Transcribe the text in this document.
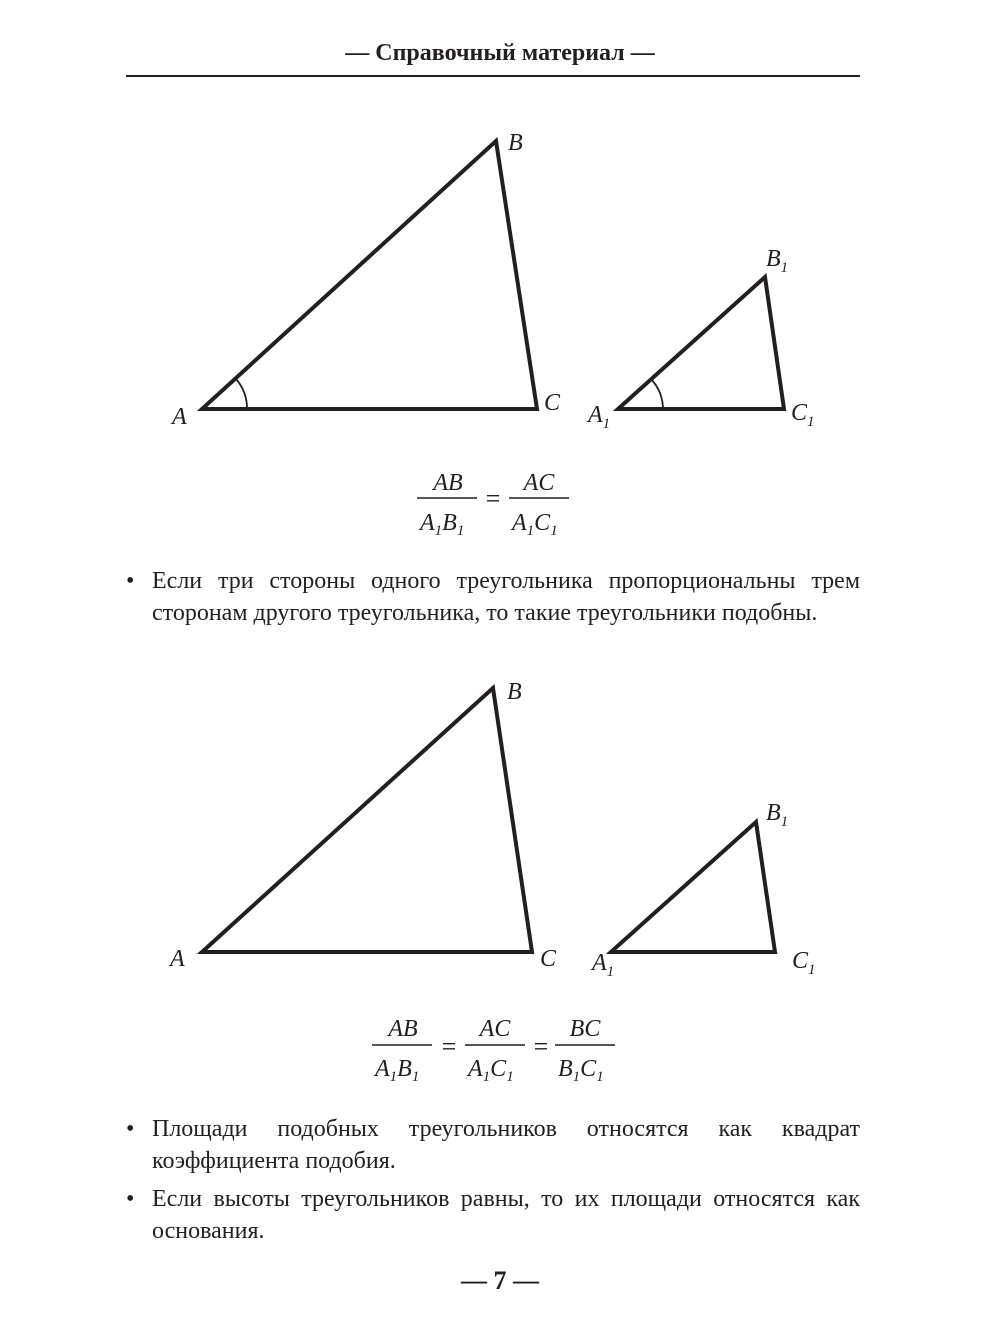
— Справочный материал —
A
B
C $A_1$
$B_1$
$C_1$
AB
$A_1B_1$
=
AC
$A_1C_1$
• Если три стороны одного треугольника пропорциональны трем сторонам другого треугольника, то такие треугольники подобны.
A
B
C $A_1$
$B_1$
$C_1$
AB
$A_1B_1$
=
AC
$A_1C_1$
=
BC
$B_1C_1$
• Площади подобных треугольников относятся как квадрат коэффициента подобия.
• Если высоты треугольников равны, то их площади относятся как основания.
— 7 —
